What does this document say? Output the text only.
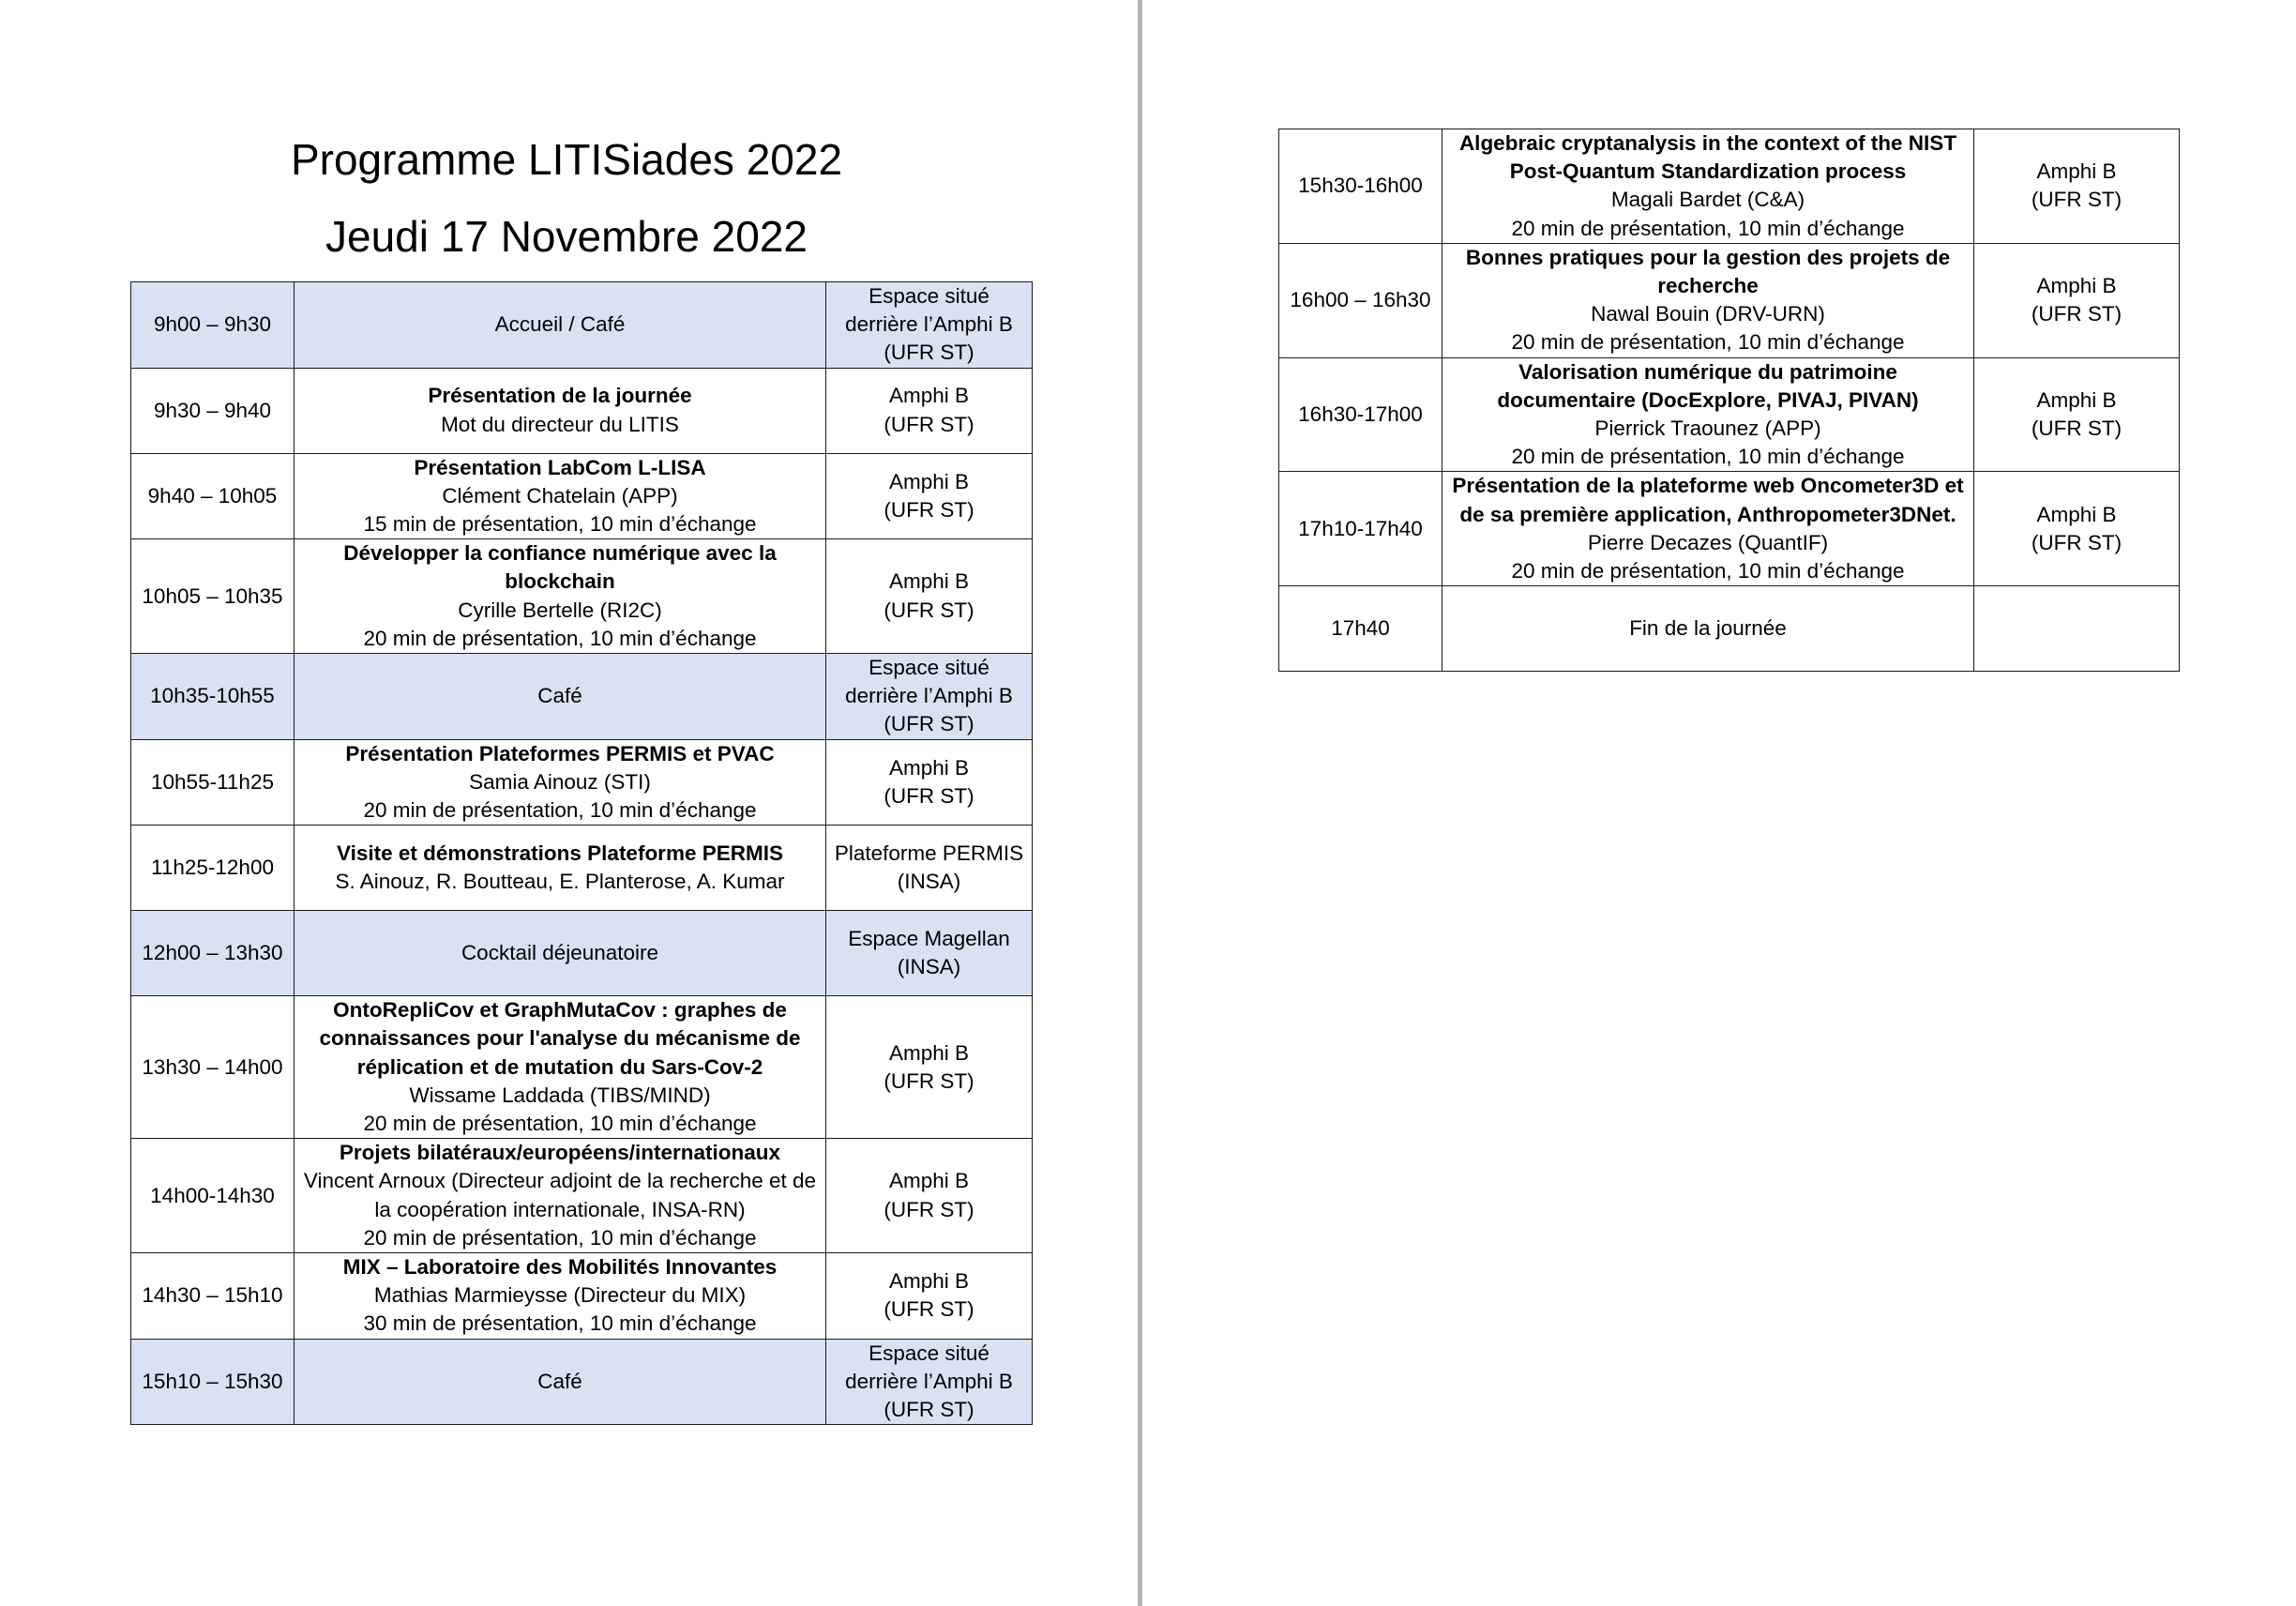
Programme LITISiades 2022
Jeudi 17 Novembre 2022
9h00 – 9h30	Accueil / Café	Espace situé
derrière l’Amphi B
(UFR ST)

9h30 – 9h40	Présentation de la journée
Mot du directeur du LITIS	Amphi B
(UFR ST)

9h40 – 10h05	Présentation LabCom L-LISA
Clément Chatelain (APP)
15 min de présentation, 10 min d’échange	Amphi B
(UFR ST)

10h05 – 10h35	Développer la confiance numérique avec la blockchain
Cyrille Bertelle (RI2C)
20 min de présentation, 10 min d’échange	Amphi B
(UFR ST)

10h35-10h55	Café	Espace situé
derrière l’Amphi B
(UFR ST)

10h55-11h25	Présentation Plateformes PERMIS et PVAC
Samia Ainouz (STI)
20 min de présentation, 10 min d’échange	Amphi B
(UFR ST)

11h25-12h00	Visite et démonstrations Plateforme PERMIS
S. Ainouz, R. Boutteau, E. Planterose, A. Kumar	Plateforme PERMIS
(INSA)

12h00 – 13h30	Cocktail déjeunatoire	Espace Magellan
(INSA)

13h30 – 14h00	OntoRepliCov et GraphMutaCov : graphes de connaissances pour l'analyse du mécanisme de réplication et de mutation du Sars-Cov-2
Wissame Laddada (TIBS/MIND)
20 min de présentation, 10 min d’échange	Amphi B
(UFR ST)

14h00-14h30	Projets bilatéraux/européens/internationaux
Vincent Arnoux (Directeur adjoint de la recherche et de la coopération internationale, INSA-RN)
20 min de présentation, 10 min d’échange	Amphi B
(UFR ST)

14h30 – 15h10	MIX – Laboratoire des Mobilités Innovantes
Mathias Marmieysse (Directeur du MIX)
30 min de présentation, 10 min d’échange	Amphi B
(UFR ST)

15h10 – 15h30	Café	Espace situé
derrière l’Amphi B
(UFR ST)
15h30-16h00	Algebraic cryptanalysis in the context of the NIST Post-Quantum Standardization process
Magali Bardet (C&A)
20 min de présentation, 10 min d’échange	Amphi B
(UFR ST)

16h00 – 16h30	Bonnes pratiques pour la gestion des projets de recherche
Nawal Bouin (DRV-URN)
20 min de présentation, 10 min d’échange	Amphi B
(UFR ST)

16h30-17h00	Valorisation numérique du patrimoine documentaire (DocExplore, PIVAJ, PIVAN)
Pierrick Traounez (APP)
20 min de présentation, 10 min d’échange	Amphi B
(UFR ST)

17h10-17h40	Présentation de la plateforme web Oncometer3D et de sa première application, Anthropometer3DNet.
Pierre Decazes (QuantIF)
20 min de présentation, 10 min d’échange	Amphi B
(UFR ST)

17h40	Fin de la journée	
